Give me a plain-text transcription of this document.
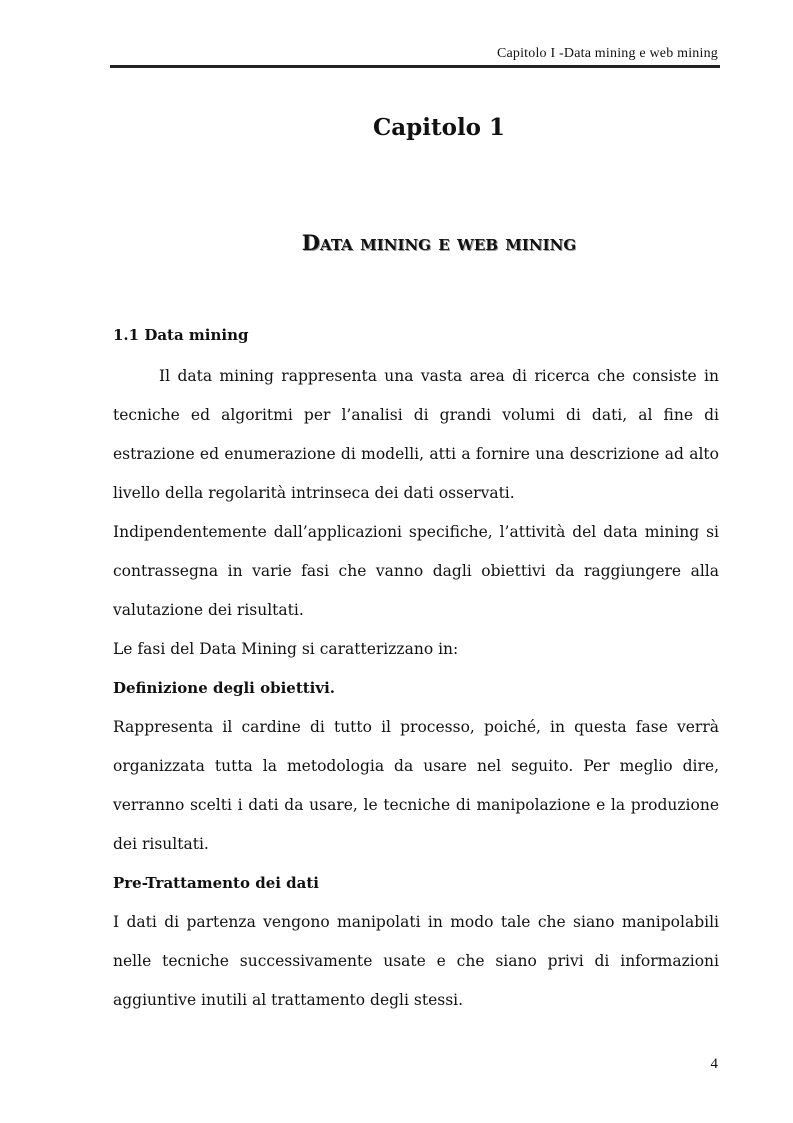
Capitolo I -Data mining e web mining
Capitolo 1
Data mining e web mining
1.1 Data mining

Il data mining rappresenta una vasta area di ricerca che consiste in tecniche ed algoritmi per l’analisi di grandi volumi di dati, al fine di estrazione ed enumerazione di modelli, atti a fornire una descrizione ad alto livello della regolarità intrinseca dei dati osservati.

Indipendentemente dall’applicazioni specifiche, l’attività del data mining si contrassegna in varie fasi che vanno dagli obiettivi da raggiungere alla valutazione dei risultati.

Le fasi del Data Mining si caratterizzano in:

Definizione degli obiettivi.

Rappresenta il cardine di tutto il processo, poiché, in questa fase verrà organizzata tutta la metodologia da usare nel seguito. Per meglio dire, verranno scelti i dati da usare, le tecniche di manipolazione e la produzione dei risultati.

Pre-Trattamento dei dati

I dati di partenza vengono manipolati in modo tale che siano manipolabili nelle tecniche successivamente usate e che siano privi di informazioni aggiuntive inutili al trattamento degli stessi.

4
